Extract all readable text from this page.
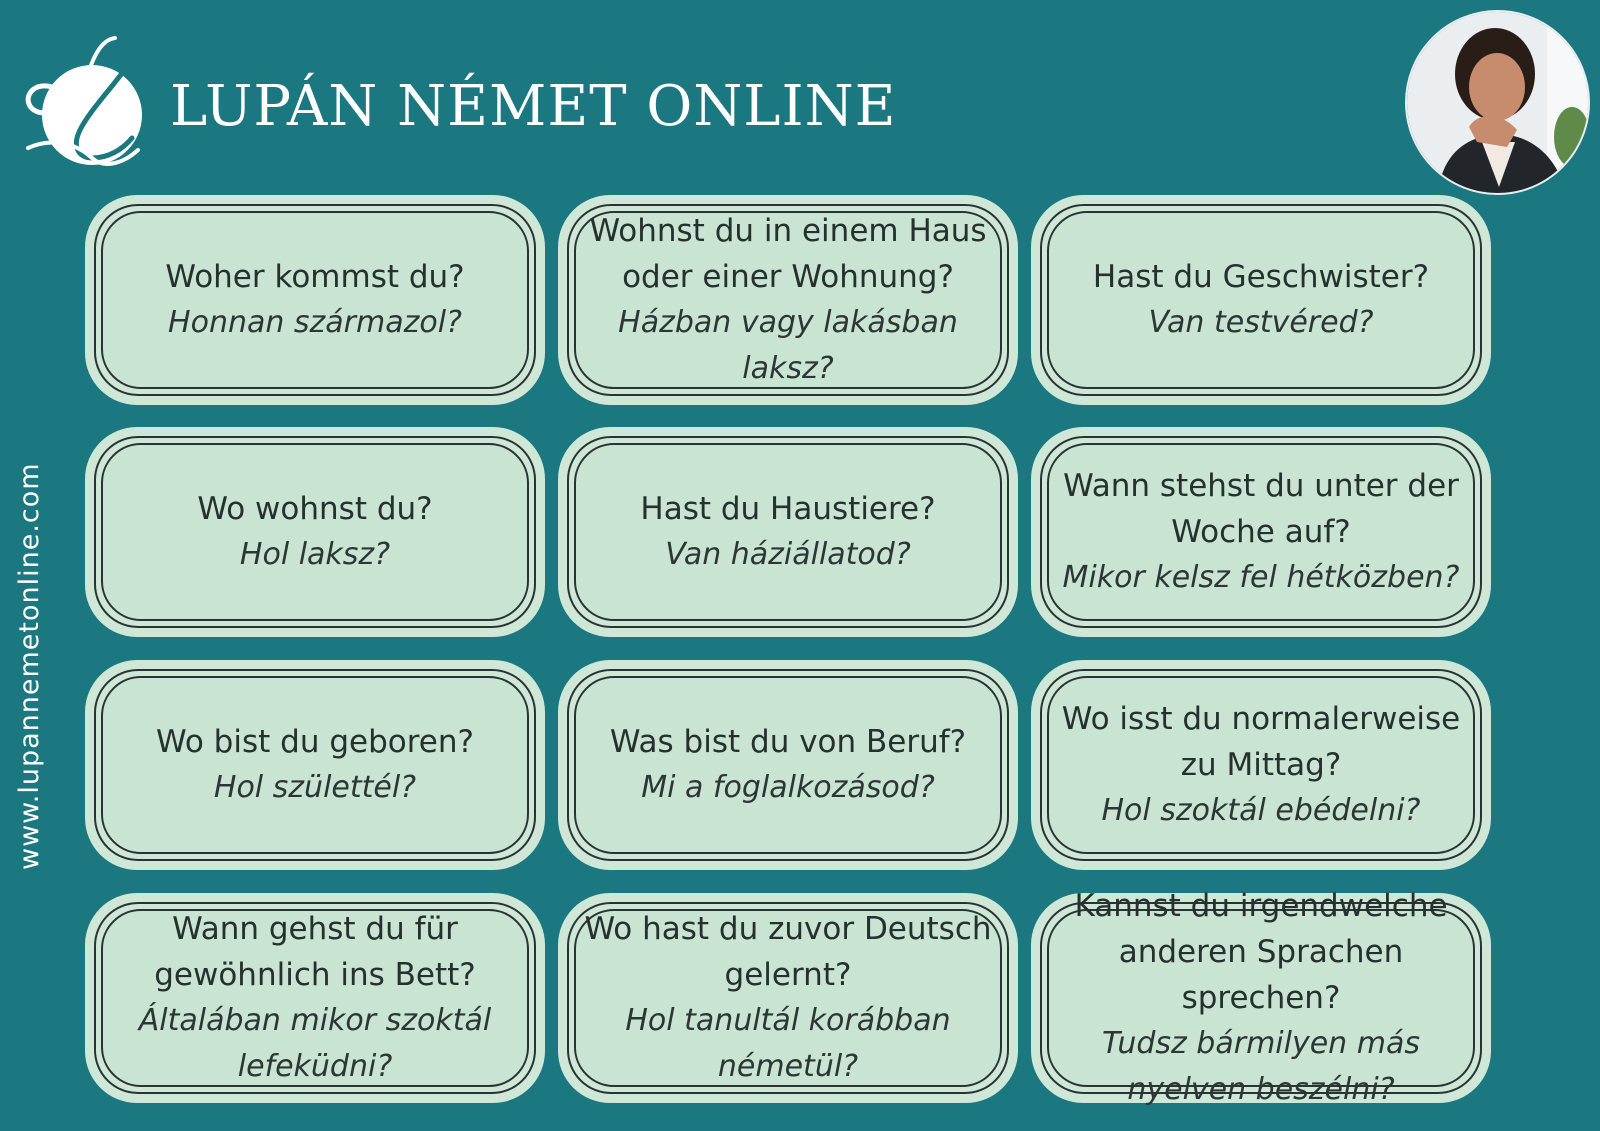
LUPÁN NÉMET ONLINE
www.lupannemetonline.com
Woher kommst du?
Honnan származol?
Wohnst du in einem Haus oder einer Wohnung?
Házban vagy lakásban laksz?
Hast du Geschwister?
Van testvéred?
Wo wohnst du?
Hol laksz?
Hast du Haustiere?
Van háziállatod?
Wann stehst du unter der Woche auf?
Mikor kelsz fel hétközben?
Wo bist du geboren?
Hol születtél?
Was bist du von Beruf?
Mi a foglalkozásod?
Wo isst du normalerweise zu Mittag?
Hol szoktál ebédelni?
Wann gehst du für gewöhnlich ins Bett?
Általában mikor szoktál lefeküdni?
Wo hast du zuvor Deutsch gelernt?
Hol tanultál korábban németül?
Kannst du irgendwelche anderen Sprachen sprechen?
Tudsz bármilyen más nyelven beszélni?
